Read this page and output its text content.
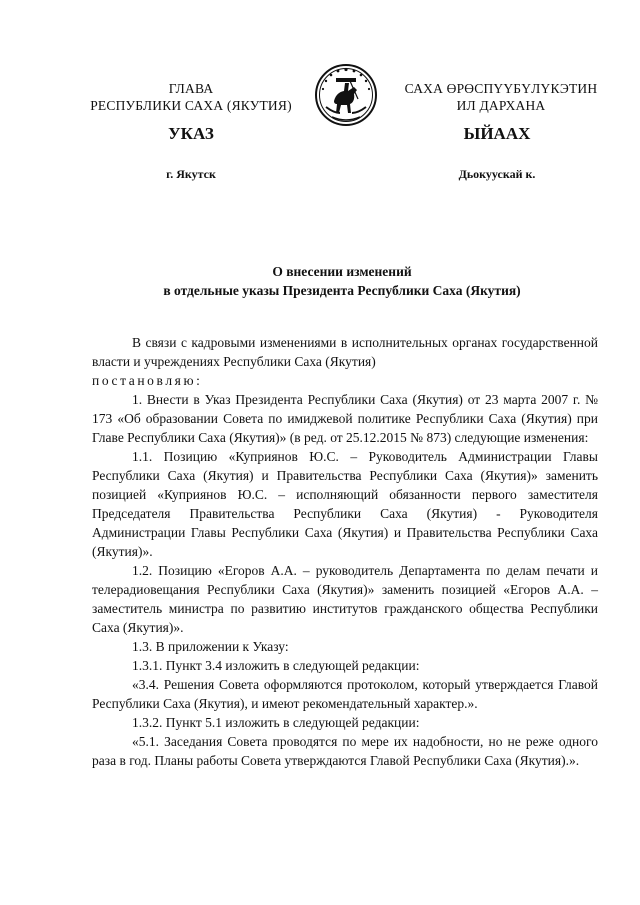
ГЛАВА
РЕСПУБЛИКИ САХА (ЯКУТИЯ)
САХА ӨРӨСПҮҮБҮЛҮКЭТИН
ИЛ ДАРХАНА
УКАЗ	ЫЙААХ
г. Якутск	Дьокуускай к.
О внесении изменений
в отдельные указы Президента Республики Саха (Якутия)

В связи с кадровыми изменениями в исполнительных органах государственной власти и учреждениях Республики Саха (Якутия)

постановляю:

1. Внести в Указ Президента Республики Саха (Якутия) от 23 марта 2007 г. № 173 «Об образовании Совета по имиджевой политике Республики Саха (Якутия) при Главе Республики Саха (Якутия)» (в ред. от 25.12.2015 № 873) следующие изменения:

1.1. Позицию «Куприянов Ю.С. – Руководитель Администрации Главы Республики Саха (Якутия) и Правительства Республики Саха (Якутия)» заменить позицией «Куприянов Ю.С. – исполняющий обязанности первого заместителя Председателя Правительства Республики Саха (Якутия) - Руководителя Администрации Главы Республики Саха (Якутия) и Правительства Республики Саха (Якутия)».

1.2. Позицию «Егоров А.А. – руководитель Департамента по делам печати и телерадиовещания Республики Саха (Якутия)» заменить позицией «Егоров А.А. – заместитель министра по развитию институтов гражданского общества Республики Саха (Якутия)».

1.3. В приложении к Указу:

1.3.1. Пункт 3.4 изложить в следующей редакции:

«3.4. Решения Совета оформляются протоколом, который утверждается Главой Республики Саха (Якутия), и имеют рекомендательный характер.».

1.3.2. Пункт 5.1 изложить в следующей редакции:

«5.1. Заседания Совета проводятся по мере их надобности, но не реже одного раза в год. Планы работы Совета утверждаются Главой Республики Саха (Якутия).».
